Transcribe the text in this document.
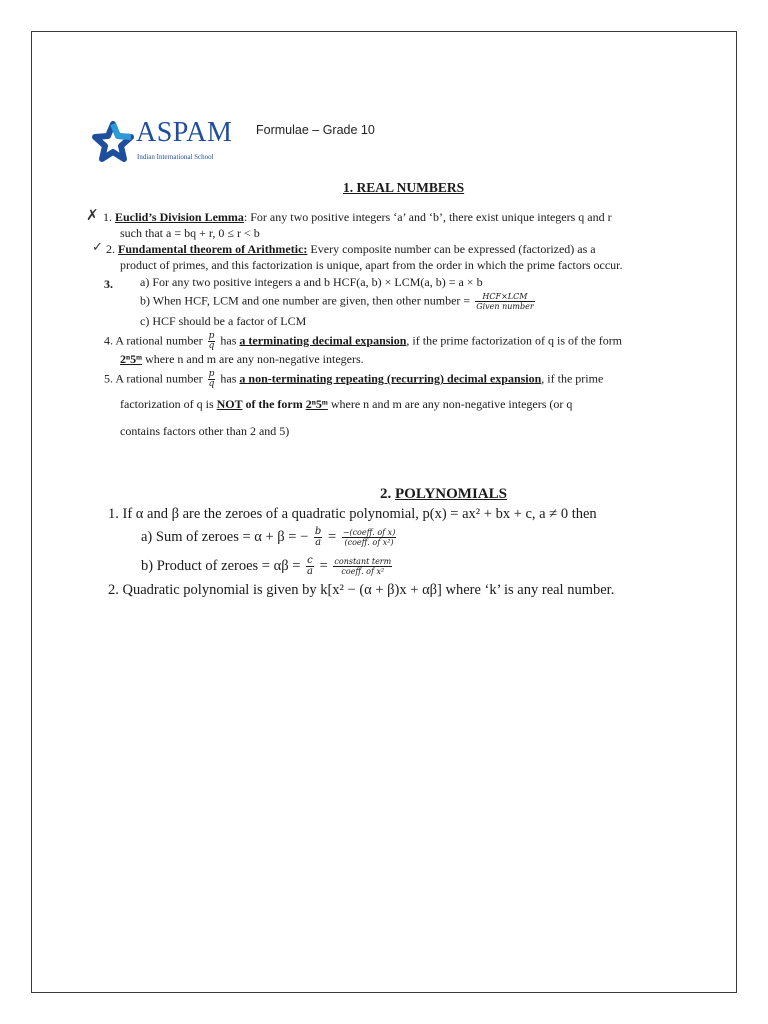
ASPAM
Indian International School
Formulae – Grade 10
1. REAL NUMBERS
✗ 1. Euclid’s Division Lemma: For any two positive integers ‘a’ and ‘b’, there exist unique integers q and r
such that a = bq + r, 0 ≤ r < b
✓ 2. Fundamental theorem of Arithmetic: Every composite number can be expressed (factorized) as a
product of primes, and this factorization is unique, apart from the order in which the prime factors occur.
3. a) For any two positive integers a and b HCF(a, b) × LCM(a, b) = a × b
b) When HCF, LCM and one number are given, then other number = $\frac{\text{HCF×LCM}}{\text{Given number}}$
c) HCF should be a factor of LCM
4. A rational number $\frac{p}{q}$ has a terminating decimal expansion, if the prime factorization of q is of the form
2ⁿ5ᵐ where n and m are any non-negative integers.
5. A rational number $\frac{p}{q}$ has a non-terminating repeating (recurring) decimal expansion, if the prime
factorization of q is NOT of the form 2ⁿ5ᵐ where n and m are any non-negative integers (or q
contains factors other than 2 and 5)
2. POLYNOMIALS
1. If α and β are the zeroes of a quadratic polynomial, p(x) = ax² + bx + c, a ≠ 0 then
a) Sum of zeroes = α + β = − $\frac{b}{a} = \frac{\text{−(coeff. of x)}}{\text{(coeff. of x²)}}$
b) Product of zeroes = $\alpha\beta = \frac{c}{a} = \frac{\text{constant term}}{\text{coeff. of x²}}$
2. Quadratic polynomial is given by k[x² − (α + β)x + αβ] where ‘k’ is any real number.
